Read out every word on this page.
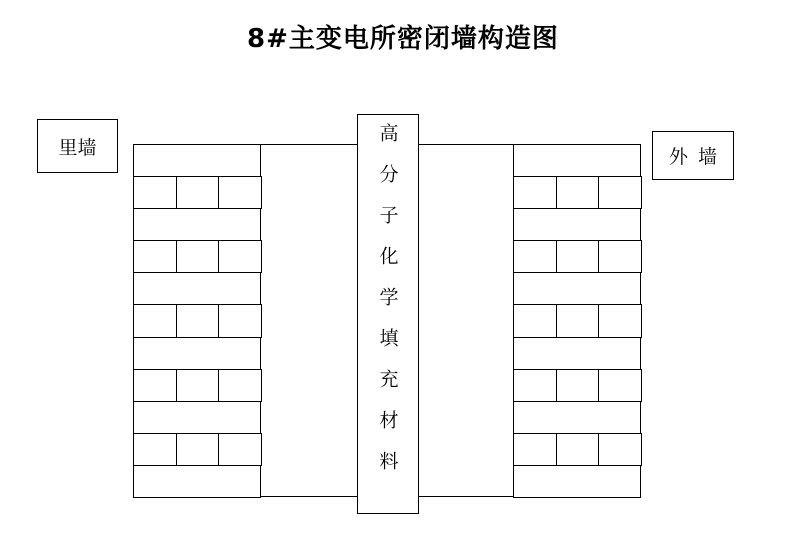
8#主变电所密闭墙构造图
里墙	外墙
高分子化学填充材料
